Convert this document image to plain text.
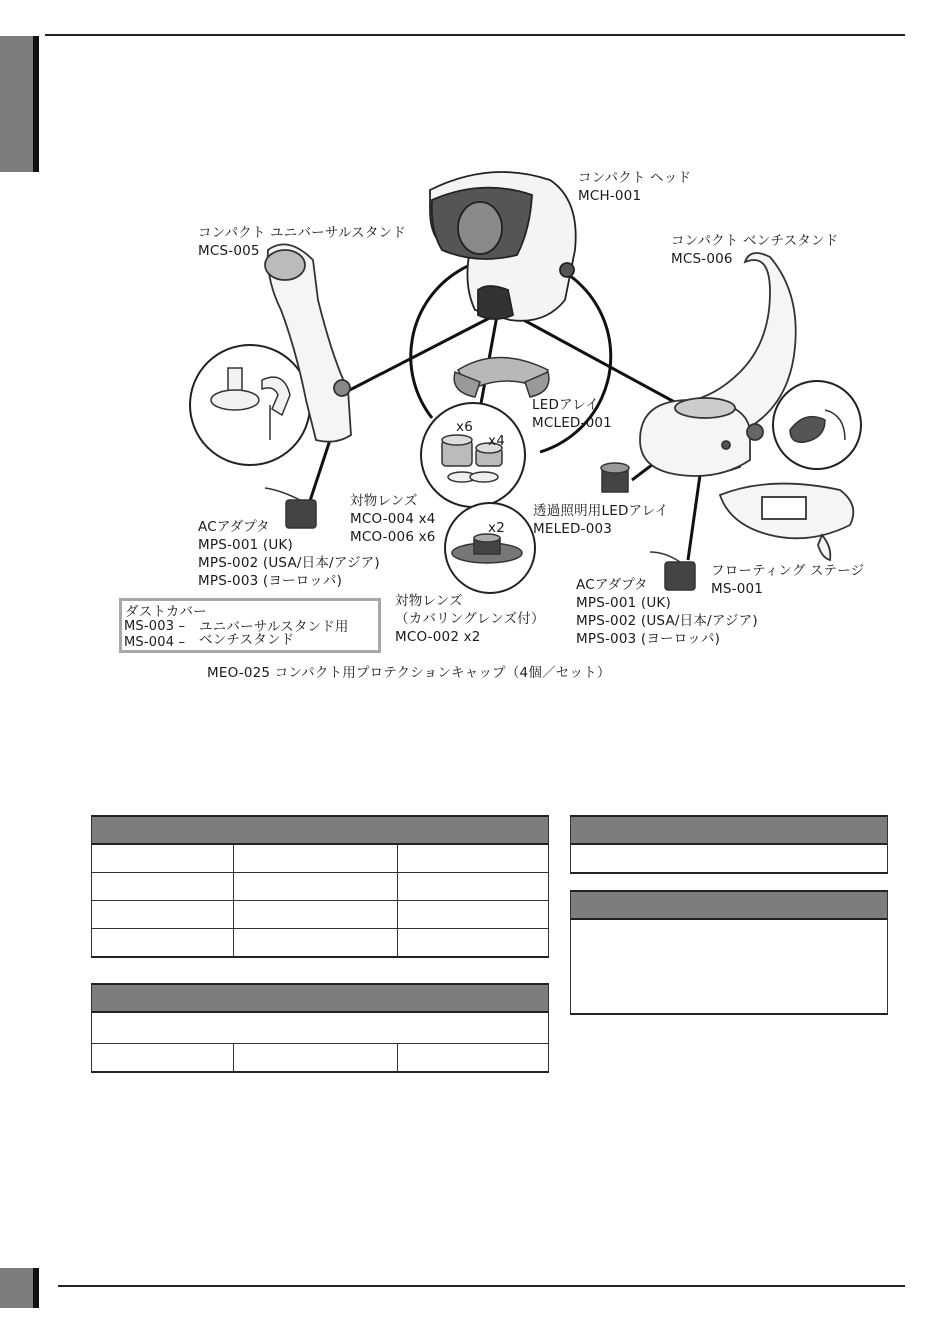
コンパクト ヘッド
MCH-001
コンパクト ユニバーサルスタンド
MCS-005
コンパクト ベンチスタンド
MCS-006
LEDアレイ
MCLED-001
x6
x4
x2
対物レンズ
MCO-004 x4
MCO-006 x6
透過照明用LEDアレイ
MELED-003
ACアダプタ
MPS-001 (UK)
MPS-002 (USA/日本/アジア)
MPS-003 (ヨーロッパ)
フローティング ステージ
MS-001
ACアダプタ
MPS-001 (UK)
MPS-002 (USA/日本/アジア)
MPS-003 (ヨーロッパ)
対物レンズ
（カバリングレンズ付）
MCO-002 x2
ダストカバー
MS-003 – ユニバーサルスタンド用
MS-004 – ベンチスタンド
MEO-025 コンパクト用プロテクションキャップ（4個／セット）
